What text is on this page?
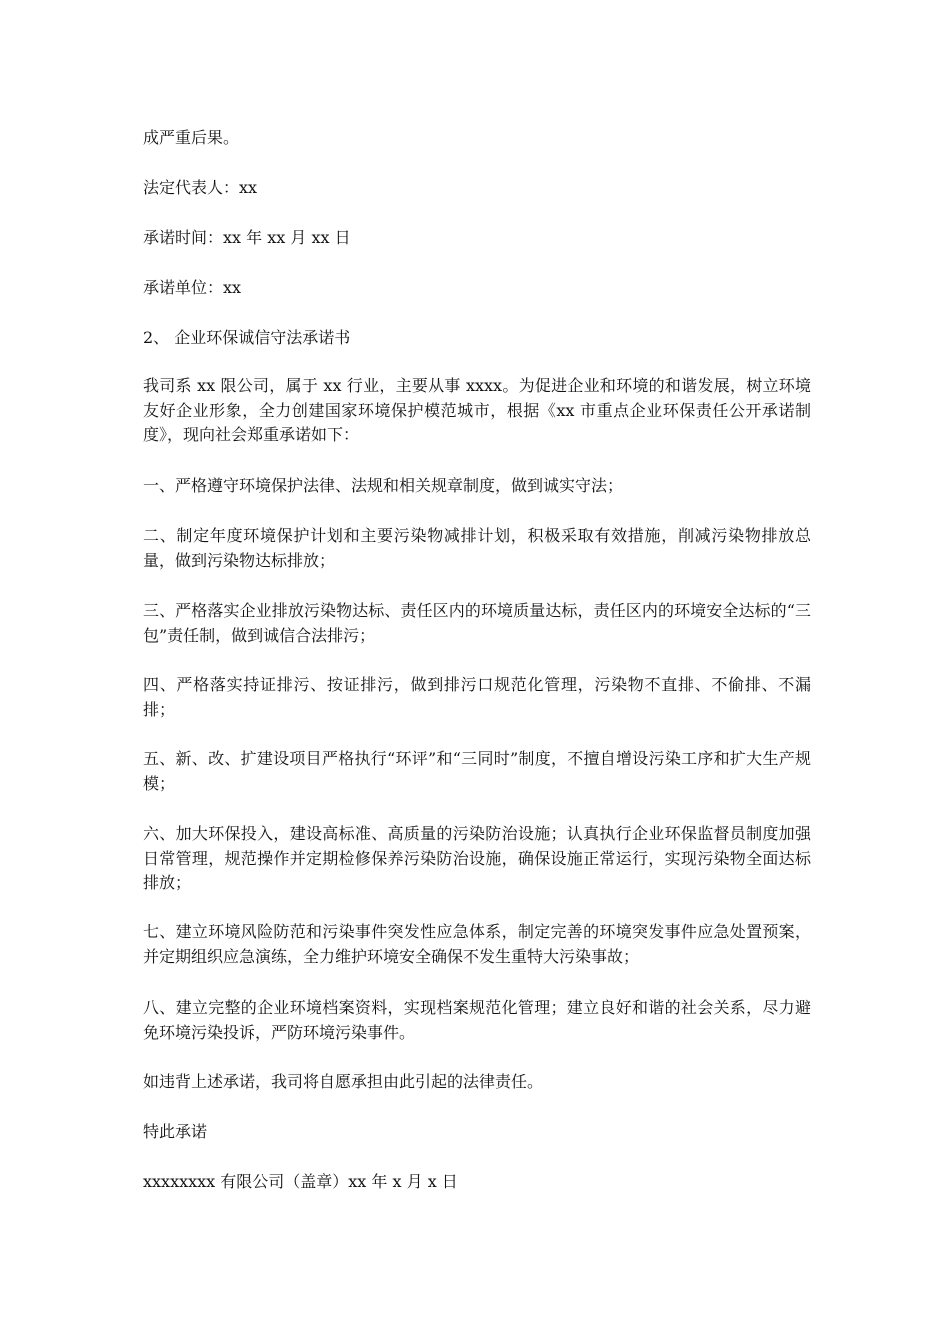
成严重后果。

法定代表人：xx

承诺时间：xx 年 xx 月 xx 日

承诺单位：xx

2、 企业环保诚信守法承诺书

我司系 xx 限公司，属于 xx 行业，主要从事 xxxx。为促进企业和环境的和谐发展，树立环境友好企业形象，全力创建国家环境保护模范城市，根据《xx 市重点企业环保责任公开承诺制度》，现向社会郑重承诺如下：

一、严格遵守环境保护法律、法规和相关规章制度，做到诚实守法；

二、制定年度环境保护计划和主要污染物减排计划，积极采取有效措施，削减污染物排放总量，做到污染物达标排放；

三、严格落实企业排放污染物达标、责任区内的环境质量达标，责任区内的环境安全达标的“三包”责任制，做到诚信合法排污；

四、严格落实持证排污、按证排污，做到排污口规范化管理，污染物不直排、不偷排、不漏排；

五、新、改、扩建设项目严格执行“环评”和“三同时”制度，不擅自增设污染工序和扩大生产规模；

六、加大环保投入，建设高标准、高质量的污染防治设施；认真执行企业环保监督员制度加强日常管理，规范操作并定期检修保养污染防治设施，确保设施正常运行，实现污染物全面达标排放；

七、建立环境风险防范和污染事件突发性应急体系，制定完善的环境突发事件应急处置预案，并定期组织应急演练，全力维护环境安全确保不发生重特大污染事故；

八、建立完整的企业环境档案资料，实现档案规范化管理；建立良好和谐的社会关系，尽力避免环境污染投诉，严防环境污染事件。

如违背上述承诺，我司将自愿承担由此引起的法律责任。

特此承诺

xxxxxxxx 有限公司（盖章）xx 年 x 月 x 日
